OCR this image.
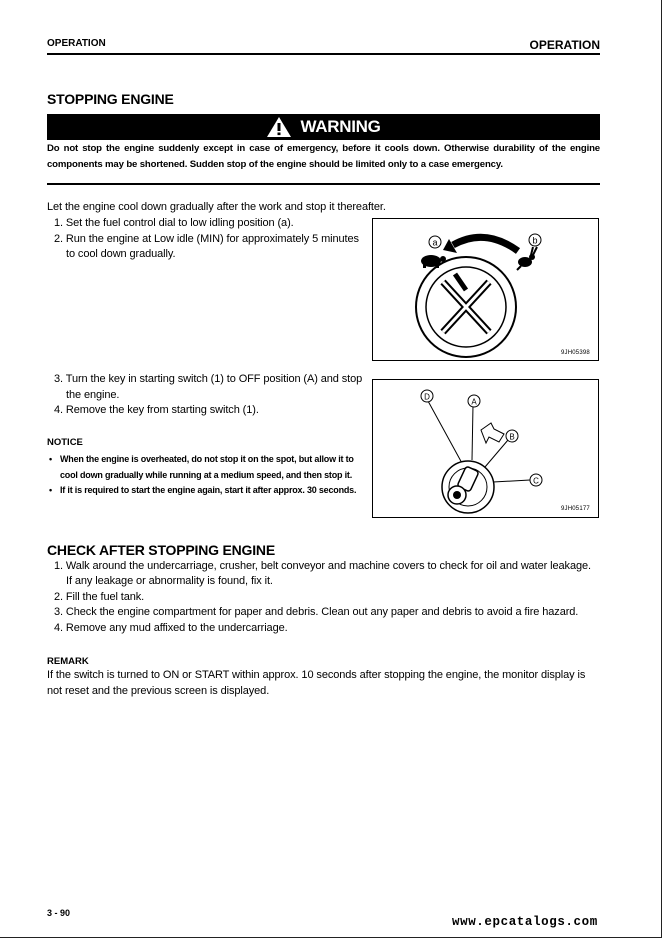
OPERATION	OPERATION
STOPPING ENGINE
WARNING
Do not stop the engine suddenly except in case of emergency, before it cools down. Otherwise durability of the engine components may be shortened. Sudden stop of the engine should be limited only to a case emergency.
Let the engine cool down gradually after the work and stop it thereafter.
1. Set the fuel control dial to low idling position (a).
2. Run the engine at Low idle (MIN) for approximately 5 minutes
to cool down gradually.
a	b
9JH05398
3. Turn the key in starting switch (1) to OFF position (A) and stop
the engine.
4. Remove the key from starting switch (1).
D
A
B
C
9JH05177
NOTICE
• When the engine is overheated, do not stop it on the spot, but allow it to cool down gradually while running at a medium speed, and then stop it.
• If it is required to start the engine again, start it after approx. 30 seconds.
CHECK AFTER STOPPING ENGINE
1. Walk around the undercarriage, crusher, belt conveyor and machine covers to check for oil and water leakage.
If any leakage or abnormality is found, fix it.
2. Fill the fuel tank.
3. Check the engine compartment for paper and debris. Clean out any paper and debris to avoid a fire hazard.
4. Remove any mud affixed to the undercarriage.
REMARK
If the switch is turned to ON or START within approx. 10 seconds after stopping the engine, the monitor display is not reset and the previous screen is displayed.
3 - 90
www.epcatalogs.com
